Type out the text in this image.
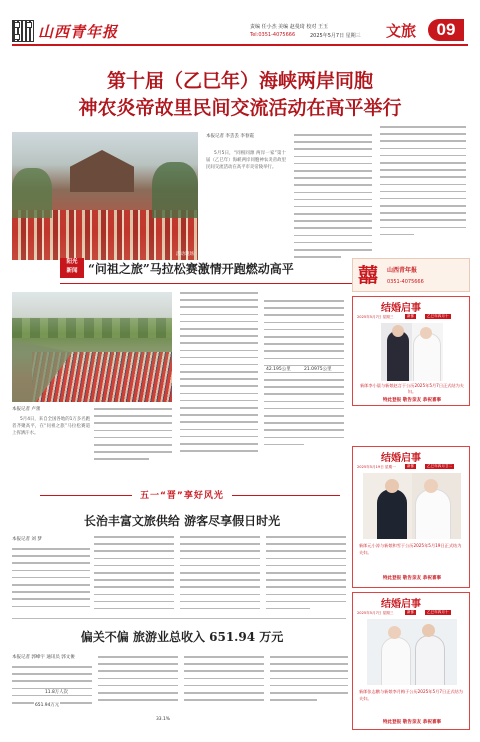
山西青年报	责编 任小杰 美编 赵曼琦 校对 王玉
Tel:0351-4075666	2025年5月7日 星期三 文旅	09
第十届（乙巳年）海峡两岸同胞
神农炎帝故里民间交流活动在高平举行
活动现场
本报记者 李丢丢 李春霞

5月5日，“同根同源 两岸一家”第十届（乙巳年）海峡两岸同胞神农炎帝故里民间交流活动在高平市炎帝陵举行。

阳光
新闻 “问祖之旅”马拉松赛激情开跑燃动高平
本报记者 卢蕾

5月4日，来自全国各地的1万多名跑者齐聚高平，在“问祖之旅”马拉松赛道上挥洒汗水。

42.195公里	21.0975公里
囍 山西青年报
0351-4075666
结婚启事
2025年5月7日 星期三	新郎	乙巳年四月十
新郎李小晨与新娘赵言于公历2025年5月7日正式结为夫妇。
特此登报 敬告亲友 恭祝喜事
结婚启事
2025年5月19日 星期一	新郎	乙巳年四月廿二
新郎元小涛与新娘和雪于公历2025年5月19日正式结为夫妇。
特此登报 敬告亲友 恭祝喜事
结婚启事
2025年5月7日 星期三	新郎	乙巳年四月十
新郎张志鹏与新娘李月梅于公历2025年5月7日正式结为夫妇。
特此登报 敬告亲友 恭祝喜事
五一“晋”享好风光
长治丰富文旅供给 游客尽享假日时光
本报记者 刘 梦
偏关不偏 旅游业总收入 651.94 万元
本报记者 郭峰宇 通讯员 郭文俊
11.8万人次
651.94万元
33.1%
